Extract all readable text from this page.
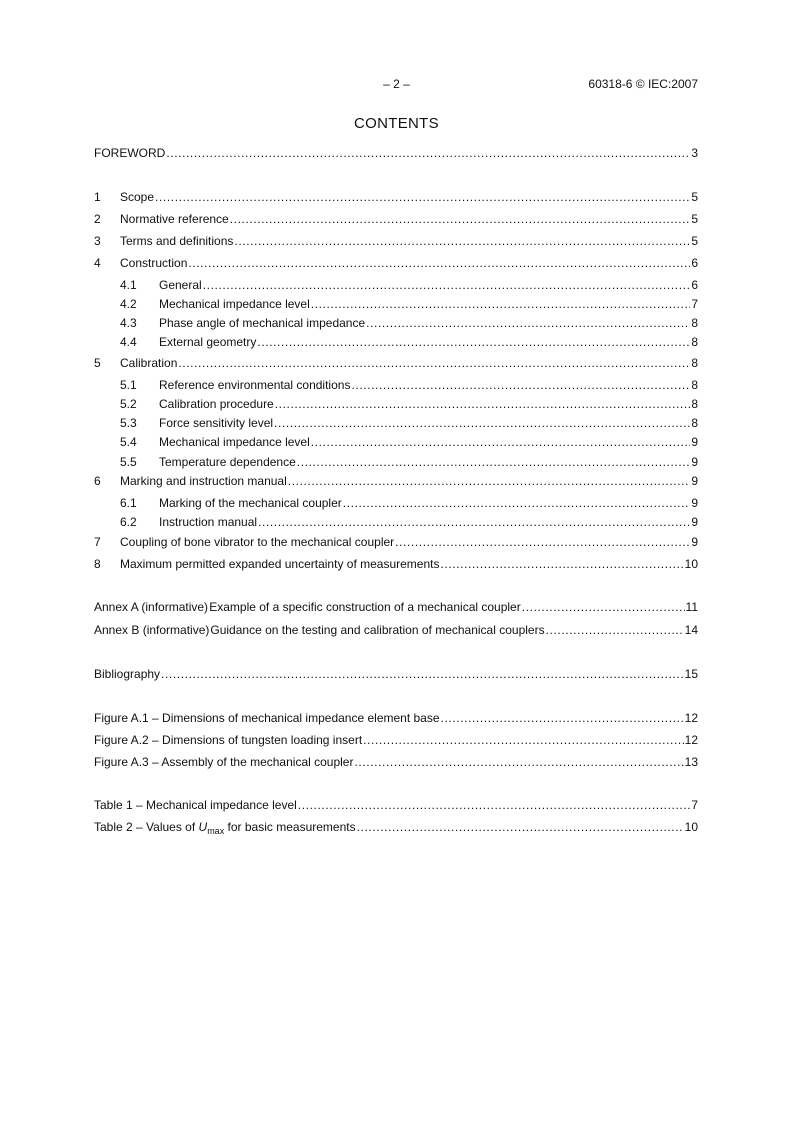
– 2 –	60318-6 © IEC:2007
CONTENTS
FOREWORD .....	3
1	Scope .....	5
2	Normative reference .....	5
3	Terms and definitions .....	5
4	Construction .....	6
4.1	General .....	6
4.2	Mechanical impedance level .....	7
4.3	Phase angle of mechanical impedance .....	8
4.4	External geometry .....	8
5	Calibration .....	8
5.1	Reference environmental conditions .....	8
5.2	Calibration procedure .....	8
5.3	Force sensitivity level .....	8
5.4	Mechanical impedance level .....	9
5.5	Temperature dependence .....	9
6	Marking and instruction manual .....	9
6.1	Marking of the mechanical coupler .....	9
6.2	Instruction manual .....	9
7	Coupling of bone vibrator to the mechanical coupler .....	9
8	Maximum permitted expanded uncertainty of measurements .....	10
Annex A (informative) Example of a specific construction of a mechanical coupler .....	11
Annex B (informative) Guidance on the testing and calibration of mechanical couplers .....	14
Bibliography .....	15
Figure A.1 – Dimensions of mechanical impedance element base .....	12
Figure A.2 – Dimensions of tungsten loading insert .....	12
Figure A.3 – Assembly of the mechanical coupler .....	13
Table 1 – Mechanical impedance level .....	7
Table 2 – Values of $U_{max}$ for basic measurements .....	10
